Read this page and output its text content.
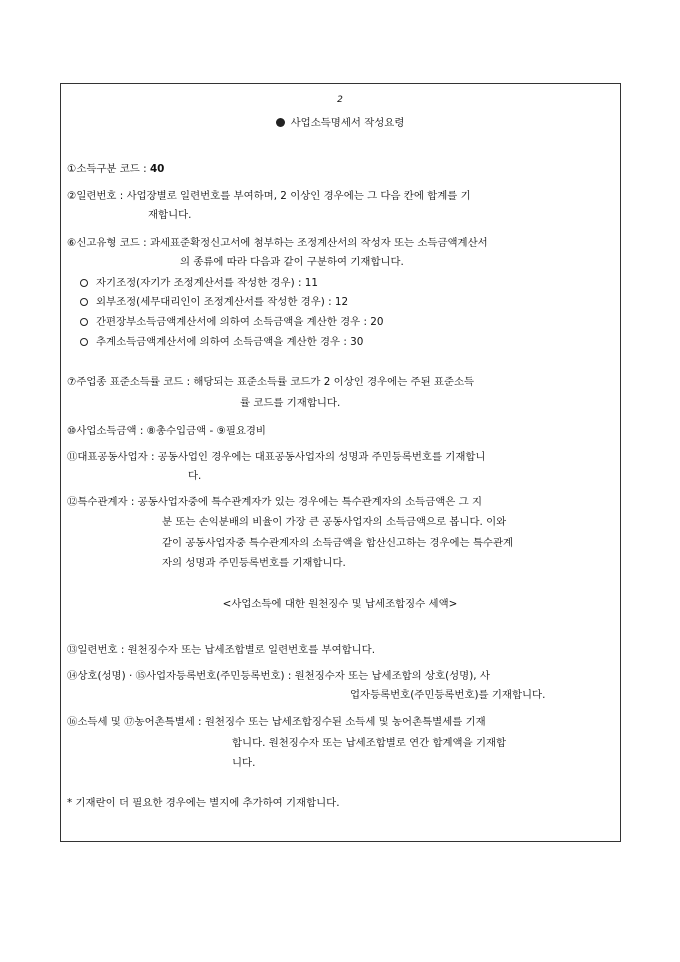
2
사업소득명세서 작성요령
①소득구분 코드 : 40
②일련번호 : 사업장별로 일련번호를 부여하며, 2 이상인 경우에는 그 다음 칸에 합계를 기
재합니다.
⑥신고유형 코드 : 과세표준확정신고서에 첨부하는 조정계산서의 작성자 또는 소득금액계산서
의 종류에 따라 다음과 같이 구분하여 기재합니다.
자기조정(자기가 조정계산서를 작성한 경우) : 11
외부조정(세무대리인이 조정계산서를 작성한 경우) : 12
간편장부소득금액계산서에 의하여 소득금액을 계산한 경우 : 20
추계소득금액계산서에 의하여 소득금액을 계산한 경우 : 30
⑦주업종 표준소득률 코드 : 해당되는 표준소득률 코드가 2 이상인 경우에는 주된 표준소득
률 코드를 기재합니다.
⑩사업소득금액 : ⑧총수입금액 - ⑨필요경비
⑪대표공동사업자 : 공동사업인 경우에는 대표공동사업자의 성명과 주민등록번호를 기재합니
다.
⑫특수관계자 : 공동사업자중에 특수관계자가 있는 경우에는 특수관계자의 소득금액은 그 지
분 또는 손익분배의 비율이 가장 큰 공동사업자의 소득금액으로 봅니다. 이와
같이 공동사업자중 특수관계자의 소득금액을 합산신고하는 경우에는 특수관계
자의 성명과 주민등록번호를 기재합니다.
<사업소득에 대한 원천징수 및 납세조합징수 세액>
⑬일련번호 : 원천징수자 또는 납세조합별로 일련번호를 부여합니다.
⑭상호(성명) · ⑮사업자등록번호(주민등록번호) : 원천징수자 또는 납세조합의 상호(성명), 사
업자등록번호(주민등록번호)를 기재합니다.
⑯소득세 및 ⑰농어촌특별세 : 원천징수 또는 납세조합징수된 소득세 및 농어촌특별세를 기재
합니다. 원천징수자 또는 납세조합별로 연간 합계액을 기재합
니다.
* 기재란이 더 필요한 경우에는 별지에 추가하여 기재합니다.
